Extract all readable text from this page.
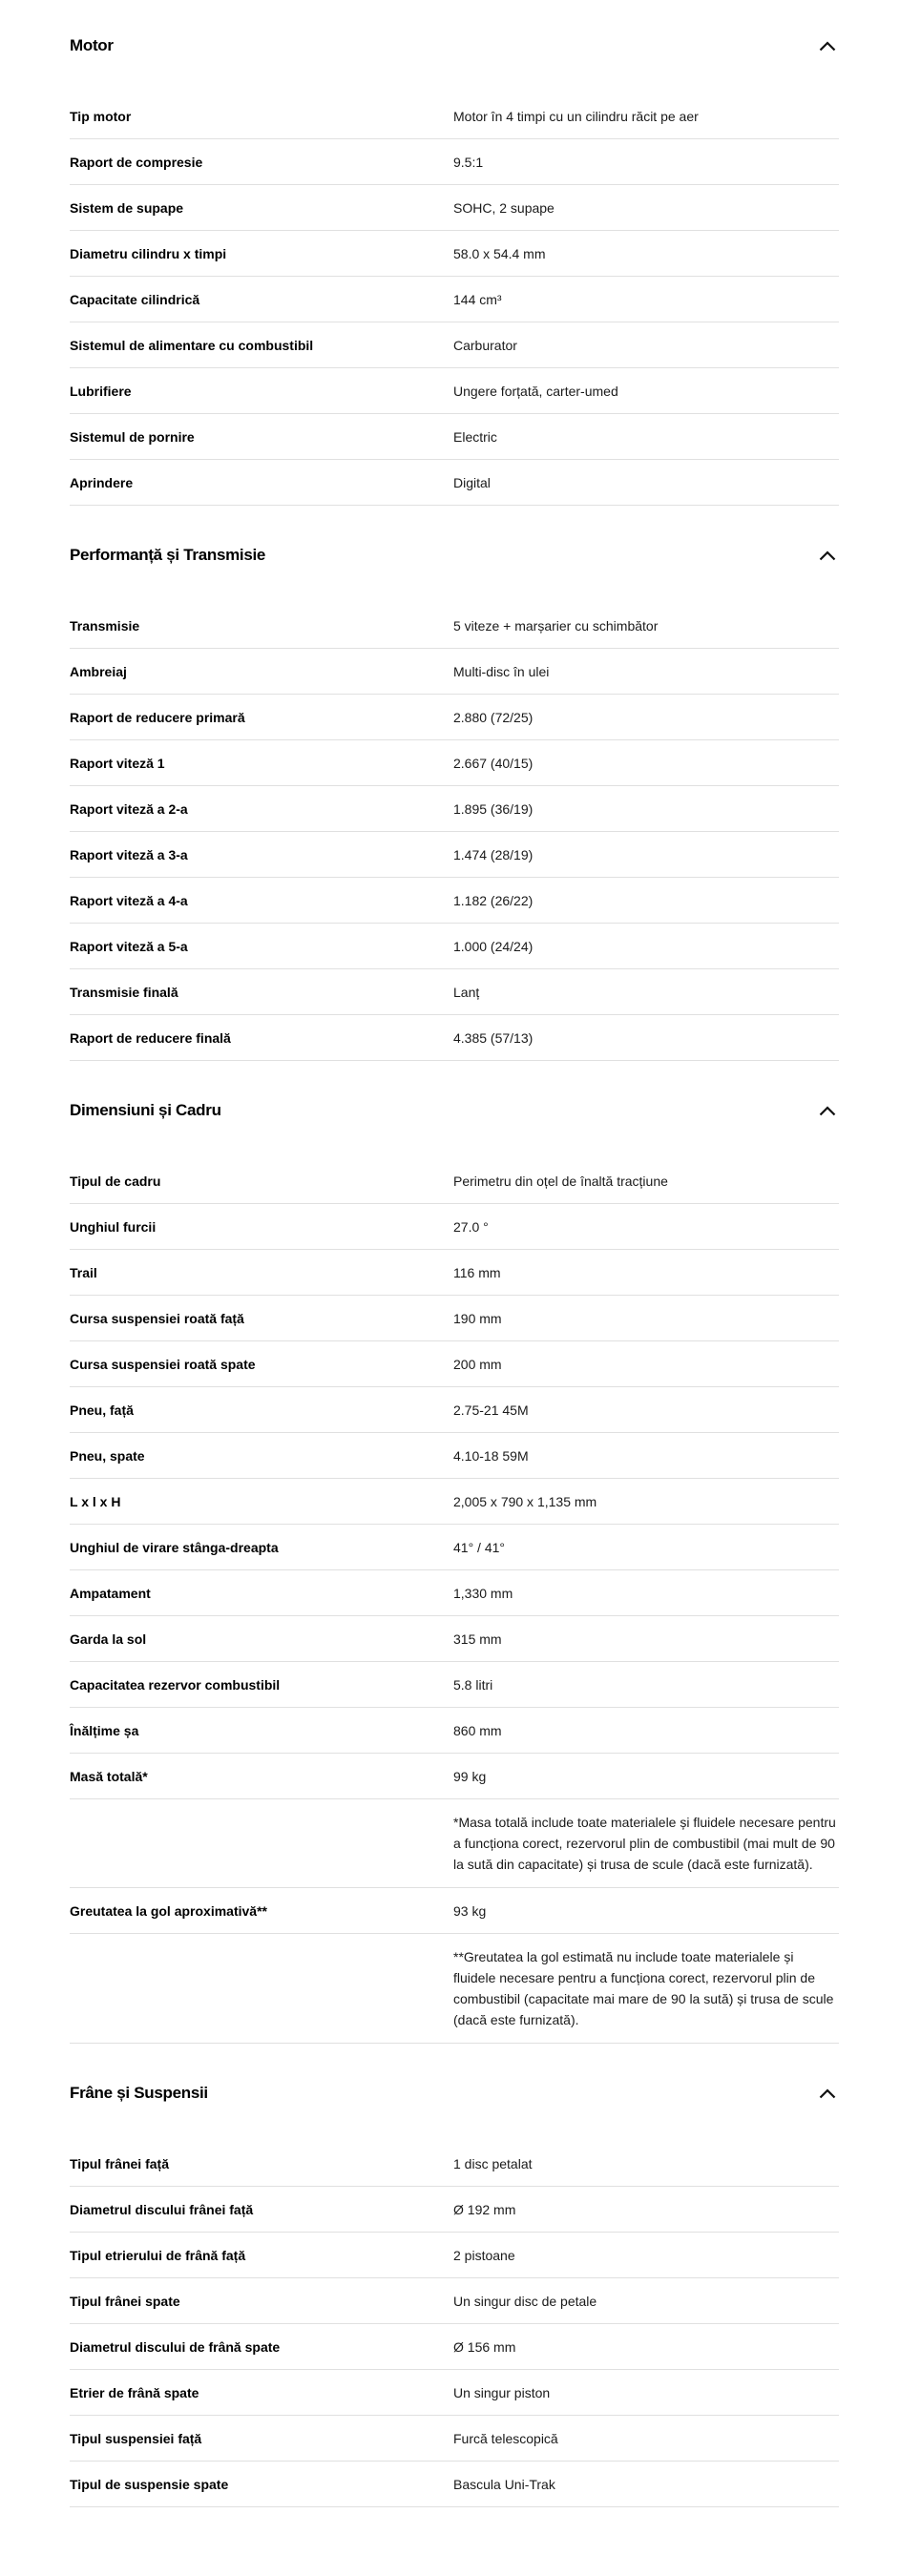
Motor
Tip motor	Motor în 4 timpi cu un cilindru răcit pe aer
Raport de compresie	9.5:1
Sistem de supape	SOHC, 2 supape
Diametru cilindru x timpi	58.0 x 54.4 mm
Capacitate cilindrică	144 cm³
Sistemul de alimentare cu combustibil	Carburator
Lubrifiere	Ungere forțată, carter-umed
Sistemul de pornire	Electric
Aprindere	Digital
Performanță și Transmisie
Transmisie	5 viteze + marșarier cu schimbător
Ambreiaj	Multi-disc în ulei
Raport de reducere primară	2.880 (72/25)
Raport viteză 1	2.667 (40/15)
Raport viteză a 2-a	1.895 (36/19)
Raport viteză a 3-a	1.474 (28/19)
Raport viteză a 4-a	1.182 (26/22)
Raport viteză a 5-a	1.000 (24/24)
Transmisie finală	Lanț
Raport de reducere finală	4.385 (57/13)
Dimensiuni și Cadru
Tipul de cadru	Perimetru din oțel de înaltă tracțiune
Unghiul furcii	27.0 °
Trail	116 mm
Cursa suspensiei roată față	190 mm
Cursa suspensiei roată spate	200 mm
Pneu, față	2.75-21 45M
Pneu, spate	4.10-18 59M
L x l x H	2,005 x 790 x 1,135 mm
Unghiul de virare stânga-dreapta	41° / 41°
Ampatament	1,330 mm
Garda la sol	315 mm
Capacitatea rezervor combustibil	5.8 litri
Înălțime șa	860 mm
Masă totală*	99 kg
*Masa totală include toate materialele și fluidele necesare pentru a funcționa corect, rezervorul plin de combustibil (mai mult de 90 la sută din capacitate) și trusa de scule (dacă este furnizată).
Greutatea la gol aproximativă**	93 kg
**Greutatea la gol estimată nu include toate materialele și fluidele necesare pentru a funcționa corect, rezervorul plin de combustibil (capacitate mai mare de 90 la sută) și trusa de scule (dacă este furnizată).
Frâne și Suspensii
Tipul frânei față	1 disc petalat
Diametrul discului frânei față	Ø 192 mm
Tipul etrierului de frână față	2 pistoane
Tipul frânei spate	Un singur disc de petale
Diametrul discului de frână spate	Ø 156 mm
Etrier de frână spate	Un singur piston
Tipul suspensiei față	Furcă telescopică
Tipul de suspensie spate	Bascula Uni-Trak
